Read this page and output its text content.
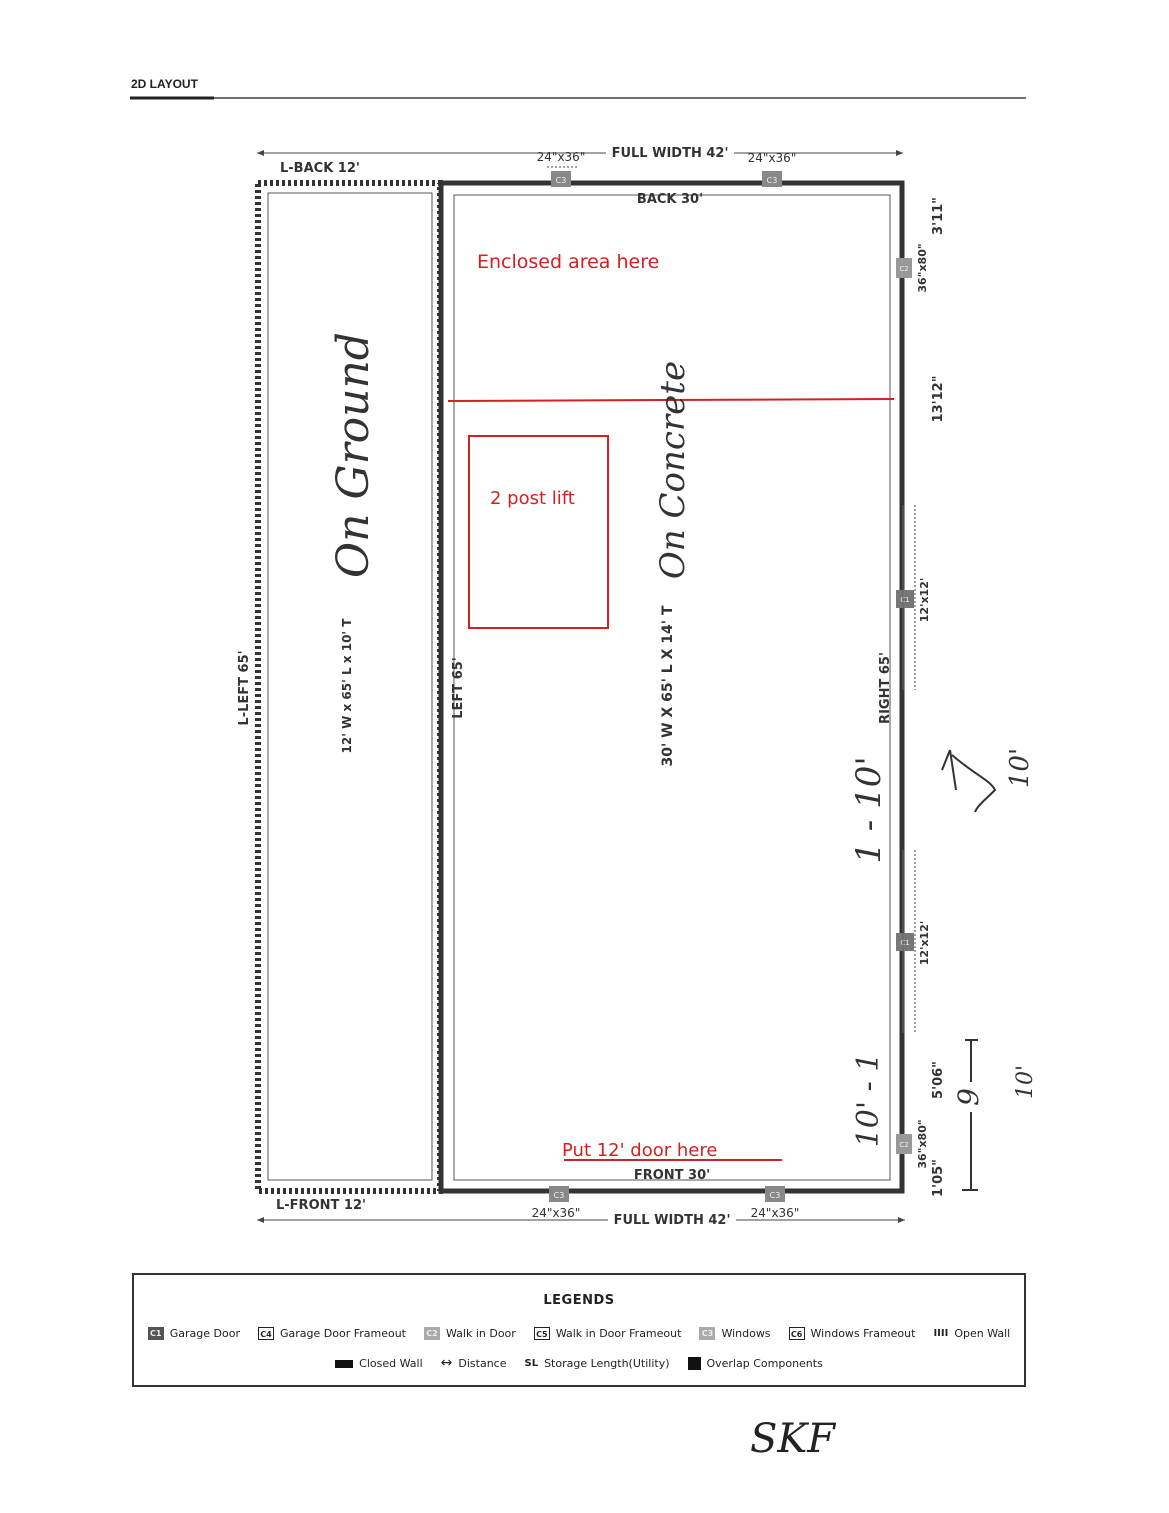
2D LAYOUT
FULL WIDTH 42'
L-BACK 12'
BACK 30'
FRONT 30'
L-FRONT 12'
L-LEFT 65'	LEFT 65'	RIGHT 65'
12' W x 65' L x 10' T	30' W X 65' L X 14' T
C3
24"x36"
C3
24"x36"
C3
24"x36"
C3
24"x36"
FULL WIDTH 42'
C2 36"x80"
C1 12'x12'
C1 12'x12'
C2 36"x80"
3'11"
13'12"
5'06"
1'05"
Enclosed area here
2 post lift
Put 12' door here
On Ground	On Concrete
1 - 10'
10' - 1
10'
9 10'
SKF
LEGENDS
C1 Garage Door	C4 Garage Door Frameout	C2 Walk in Door	C5 Walk in Door Frameout	C3 Windows	C6 Windows Frameout IIII Open Wall
Closed Wall ↔ Distance SL Storage Length(Utility)	Overlap Components
